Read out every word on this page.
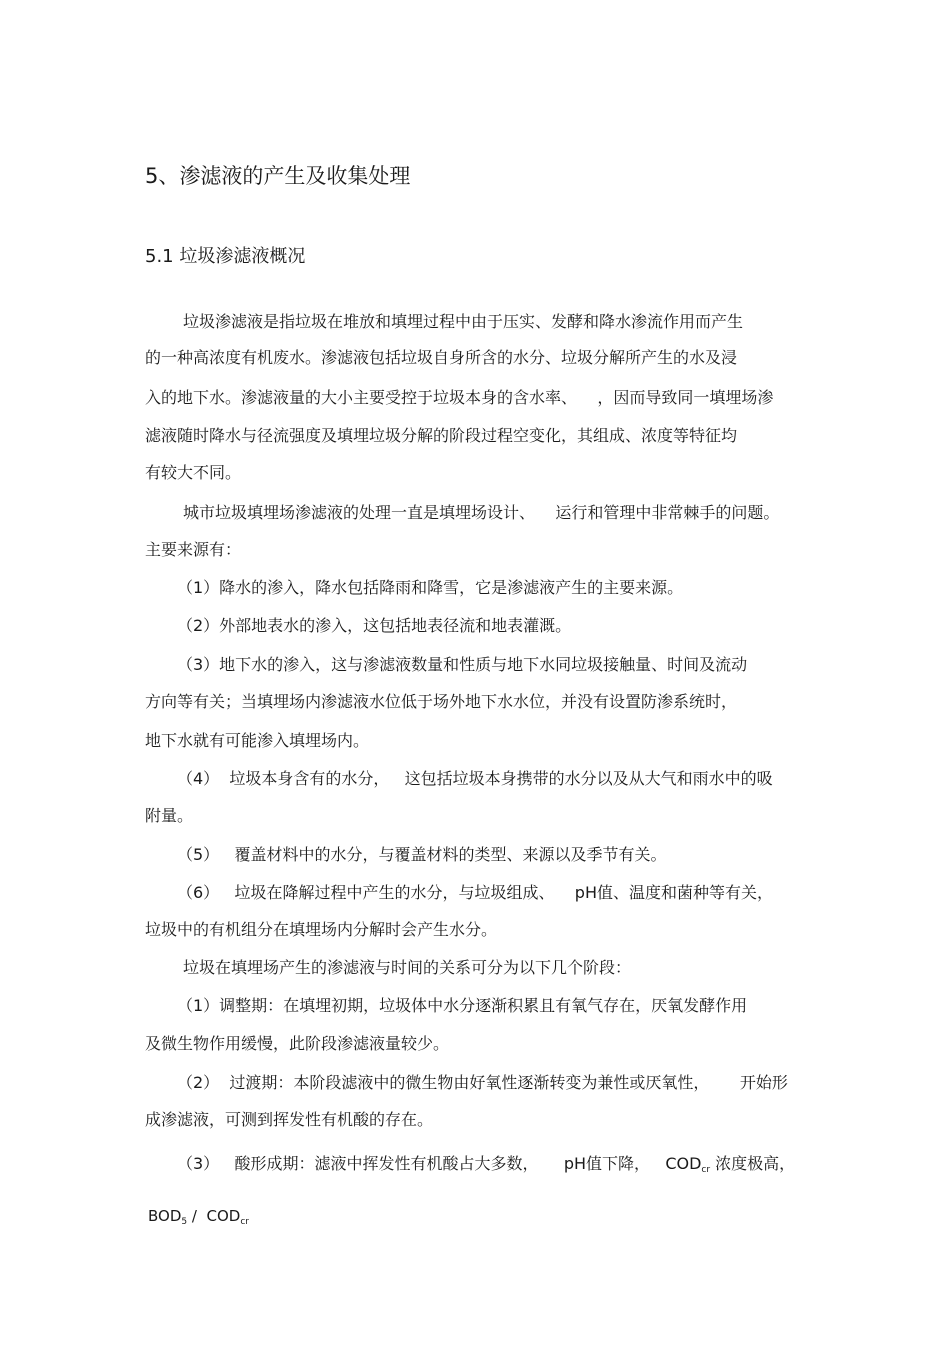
5、渗滤液的产生及收集处理
5.1 垃圾渗滤液概况
垃圾渗滤液是指垃圾在堆放和填埋过程中由于压实、发酵和降水渗流作用而产生
的一种高浓度有机废水。渗滤液包括垃圾自身所含的水分、垃圾分解所产生的水及浸
入的地下水。渗滤液量的大小主要受控于垃圾本身的含水率、    ，因而导致同一填埋场渗
滤液随时降水与径流强度及填埋垃圾分解的阶段过程空变化，其组成、浓度等特征均
有较大不同。
城市垃圾填埋场渗滤液的处理一直是填埋场设计、    运行和管理中非常棘手的问题。
主要来源有：
（1）降水的渗入，降水包括降雨和降雪，它是渗滤液产生的主要来源。
（2）外部地表水的渗入，这包括地表径流和地表灌溉。
（3）地下水的渗入，这与渗滤液数量和性质与地下水同垃圾接触量、时间及流动
方向等有关；当填埋场内渗滤液水位低于场外地下水水位，并没有设置防渗系统时，
地下水就有可能渗入填埋场内。
（4）  垃圾本身含有的水分，   这包括垃圾本身携带的水分以及从大气和雨水中的吸
附量。
（5）   覆盖材料中的水分，与覆盖材料的类型、来源以及季节有关。
（6）   垃圾在降解过程中产生的水分，与垃圾组成、    pH值、温度和菌种等有关，
垃圾中的有机组分在填埋场内分解时会产生水分。
垃圾在填埋场产生的渗滤液与时间的关系可分为以下几个阶段：
（1）调整期：在填埋初期，垃圾体中水分逐渐积累且有氧气存在，厌氧发酵作用
及微生物作用缓慢，此阶段渗滤液量较少。
（2）  过渡期：本阶段滤液中的微生物由好氧性逐渐转变为兼性或厌氧性，      开始形
成渗滤液，可测到挥发性有机酸的存在。
（3）   酸形成期：滤液中挥发性有机酸占大多数，     pH值下降，   $COD_{cr}$ 浓度极高，
$BOD_5 / COD_{cr}$
